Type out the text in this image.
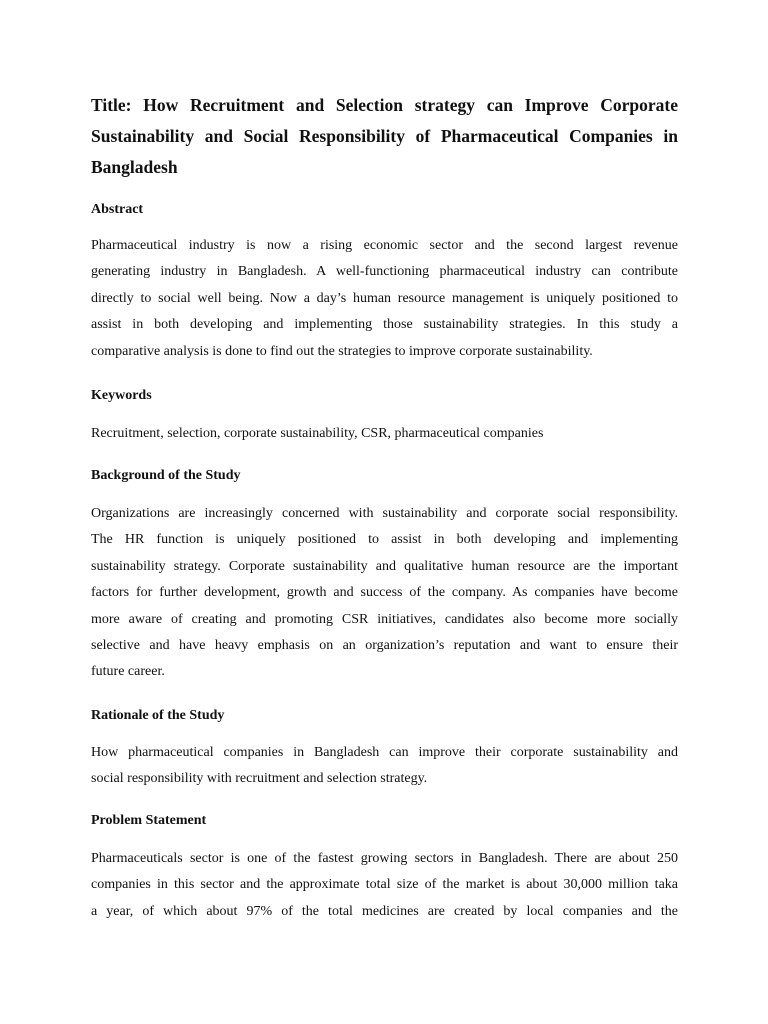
Title: How Recruitment and Selection strategy can Improve Corporate Sustainability and Social Responsibility of Pharmaceutical Companies in Bangladesh

Abstract

Pharmaceutical industry is now a rising economic sector and the second largest revenue
generating industry in Bangladesh. A well-functioning pharmaceutical industry can contribute
directly to social well being. Now a day’s human resource management is uniquely positioned to
assist in both developing and implementing those sustainability strategies. In this study a
comparative analysis is done to find out the strategies to improve corporate sustainability.

Keywords

Recruitment, selection, corporate sustainability, CSR, pharmaceutical companies

Background of the Study

Organizations are increasingly concerned with sustainability and corporate social responsibility.
The HR function is uniquely positioned to assist in both developing and implementing
sustainability strategy. Corporate sustainability and qualitative human resource are the important
factors for further development, growth and success of the company. As companies have become
more aware of creating and promoting CSR initiatives, candidates also become more socially
selective and have heavy emphasis on an organization’s reputation and want to ensure their
future career.

Rationale of the Study

How pharmaceutical companies in Bangladesh can improve their corporate sustainability and
social responsibility with recruitment and selection strategy.

Problem Statement

Pharmaceuticals sector is one of the fastest growing sectors in Bangladesh. There are about 250
companies in this sector and the approximate total size of the market is about 30,000 million taka
a year, of which about 97% of the total medicines are created by local companies and the
